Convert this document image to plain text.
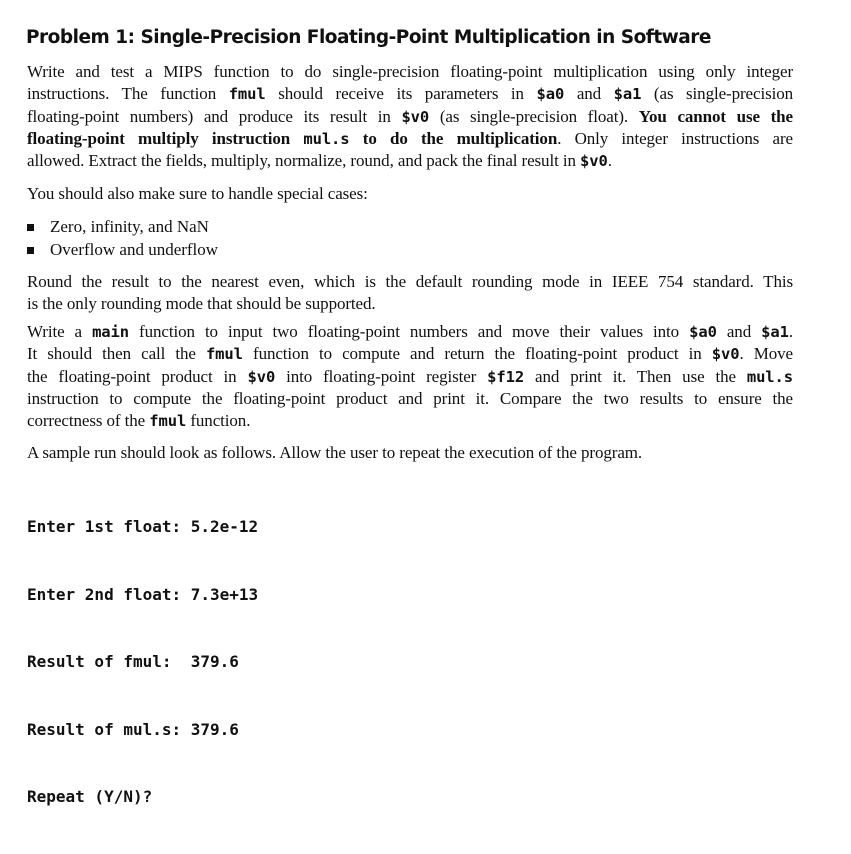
Problem 1: Single-Precision Floating-Point Multiplication in Software

Write and test a MIPS function to do single-precision floating-point multiplication using only integer
instructions. The function fmul should receive its parameters in $a0 and $a1 (as single-precision
floating-point numbers) and produce its result in $v0 (as single-precision float). You cannot use the
floating-point multiply instruction mul.s to do the multiplication. Only integer instructions are
allowed. Extract the fields, multiply, normalize, round, and pack the final result in $v0.

You should also make sure to handle special cases:

Zero, infinity, and NaN
Overflow and underflow

Round the result to the nearest even, which is the default rounding mode in IEEE 754 standard. This
is the only rounding mode that should be supported.

Write a main function to input two floating-point numbers and move their values into $a0 and $a1.
It should then call the fmul function to compute and return the floating-point product in $v0. Move
the floating-point product in $v0 into floating-point register $f12 and print it. Then use the mul.s
instruction to compute the floating-point product and print it. Compare the two results to ensure the
correctness of the fmul function.

A sample run should look as follows. Allow the user to repeat the execution of the program.

Enter 1st float: 5.2e-12

Enter 2nd float: 7.3e+13

Result of fmul:  379.6

Result of mul.s: 379.6

Repeat (Y/N)?
